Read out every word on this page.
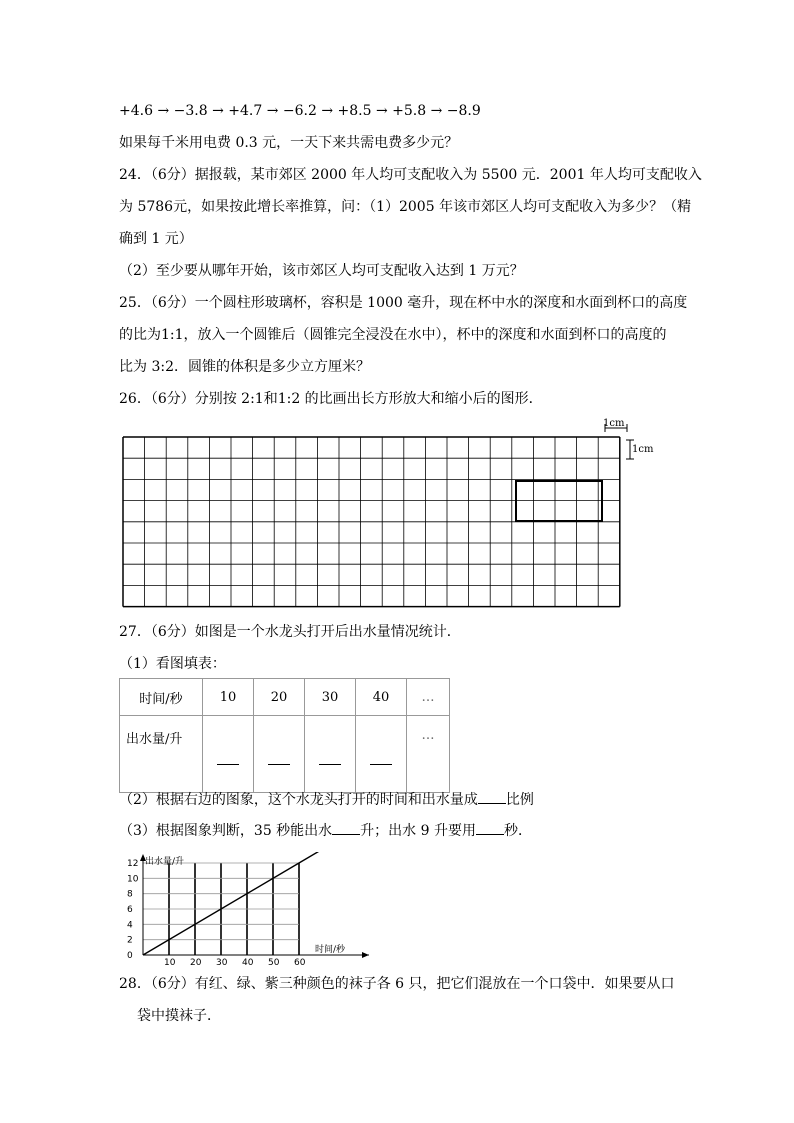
+4.6 → −3.8 → +4.7 → −6.2 → +8.5 → +5.8 → −8.9
如果每千米用电费 0.3 元，一天下来共需电费多少元？
24．（6分）据报载，某市郊区 2000 年人均可支配收入为 5500 元．2001 年人均可支配收入
为 5786元，如果按此增长率推算，问：（1）2005 年该市郊区人均可支配收入为多少？（精
确到 1 元）
（2）至少要从哪年开始，该市郊区人均可支配收入达到 1 万元？
25．（6分）一个圆柱形玻璃杯，容积是 1000 毫升，现在杯中水的深度和水面到杯口的高度
的比为1:1，放入一个圆锥后（圆锥完全浸没在水中），杯中的深度和水面到杯口的高度的
比为 3:2．圆锥的体积是多少立方厘米？
26．（6分）分别按 2:1和1:2 的比画出长方形放大和缩小后的图形．
1cm
1cm
27．（6分）如图是一个水龙头打开后出水量情况统计．
（1）看图填表：
时间/秒	10	20	30	40	…
出水量/升					…
（2）根据右边的图象，这个水龙头打开的时间和出水量成 比例
（3）根据图象判断，35 秒能出水 升；出水 9 升要用 秒．
0
2
4
6
8
10
12
10 20 30 40 50 60
出水量/升
时间/秒
28．（6分）有红、绿、紫三种颜色的袜子各 6 只，把它们混放在一个口袋中．如果要从口
袋中摸袜子．
